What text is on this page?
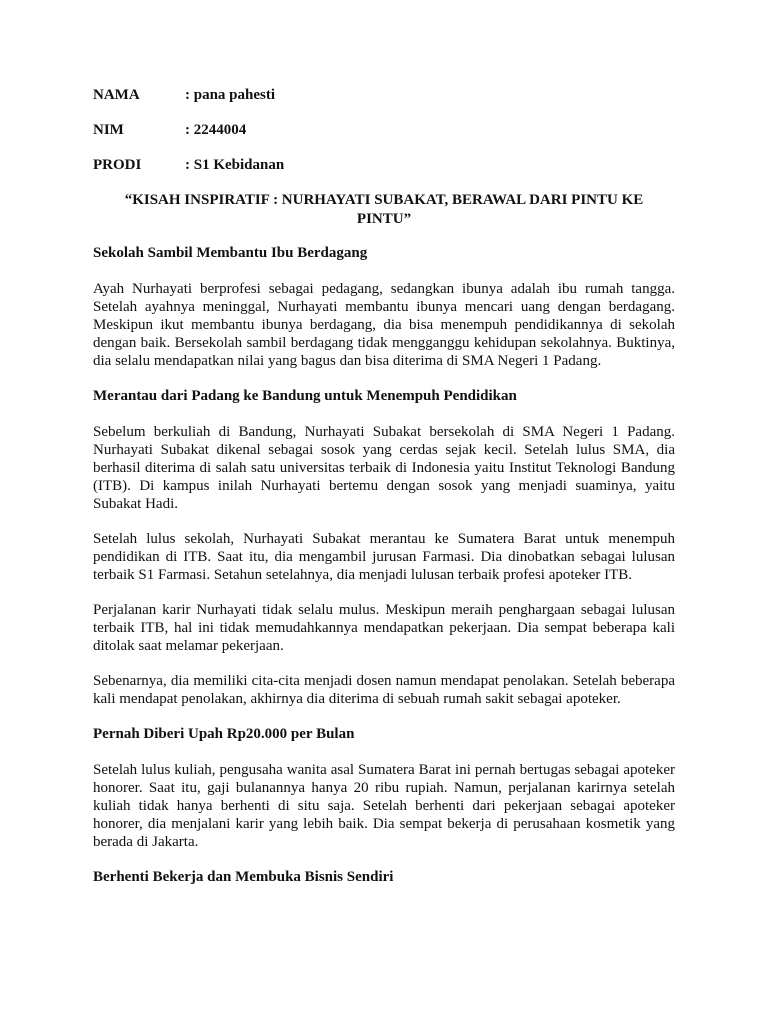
NAMA	: pana pahesti
NIM	: 2244004
PRODI	: S1 Kebidanan
“KISAH INSPIRATIF : NURHAYATI SUBAKAT, BERAWAL DARI PINTU KE PINTU”
Sekolah Sambil Membantu Ibu Berdagang

Ayah Nurhayati berprofesi sebagai pedagang, sedangkan ibunya adalah ibu rumah tangga. Setelah ayahnya meninggal, Nurhayati membantu ibunya mencari uang dengan berdagang. Meskipun ikut membantu ibunya berdagang, dia bisa menempuh pendidikannya di sekolah dengan baik. Bersekolah sambil berdagang tidak mengganggu kehidupan sekolahnya. Buktinya, dia selalu mendapatkan nilai yang bagus dan bisa diterima di SMA Negeri 1 Padang.

Merantau dari Padang ke Bandung untuk Menempuh Pendidikan

Sebelum berkuliah di Bandung, Nurhayati Subakat bersekolah di SMA Negeri 1 Padang. Nurhayati Subakat dikenal sebagai sosok yang cerdas sejak kecil. Setelah lulus SMA, dia berhasil diterima di salah satu universitas terbaik di Indonesia yaitu Institut Teknologi Bandung (ITB). Di kampus inilah Nurhayati bertemu dengan sosok yang menjadi suaminya, yaitu Subakat Hadi.

Setelah lulus sekolah, Nurhayati Subakat merantau ke Sumatera Barat untuk menempuh pendidikan di ITB. Saat itu, dia mengambil jurusan Farmasi. Dia dinobatkan sebagai lulusan terbaik S1 Farmasi. Setahun setelahnya, dia menjadi lulusan terbaik profesi apoteker ITB.

Perjalanan karir Nurhayati tidak selalu mulus. Meskipun meraih penghargaan sebagai lulusan terbaik ITB, hal ini tidak memudahkannya mendapatkan pekerjaan. Dia sempat beberapa kali ditolak saat melamar pekerjaan.

Sebenarnya, dia memiliki cita-cita menjadi dosen namun mendapat penolakan. Setelah beberapa kali mendapat penolakan, akhirnya dia diterima di sebuah rumah sakit sebagai apoteker.

Pernah Diberi Upah Rp20.000 per Bulan

Setelah lulus kuliah, pengusaha wanita asal Sumatera Barat ini pernah bertugas sebagai apoteker honorer. Saat itu, gaji bulanannya hanya 20 ribu rupiah. Namun, perjalanan karirnya setelah kuliah tidak hanya berhenti di situ saja. Setelah berhenti dari pekerjaan sebagai apoteker honorer, dia menjalani karir yang lebih baik. Dia sempat bekerja di perusahaan kosmetik yang berada di Jakarta.

Berhenti Bekerja dan Membuka Bisnis Sendiri
